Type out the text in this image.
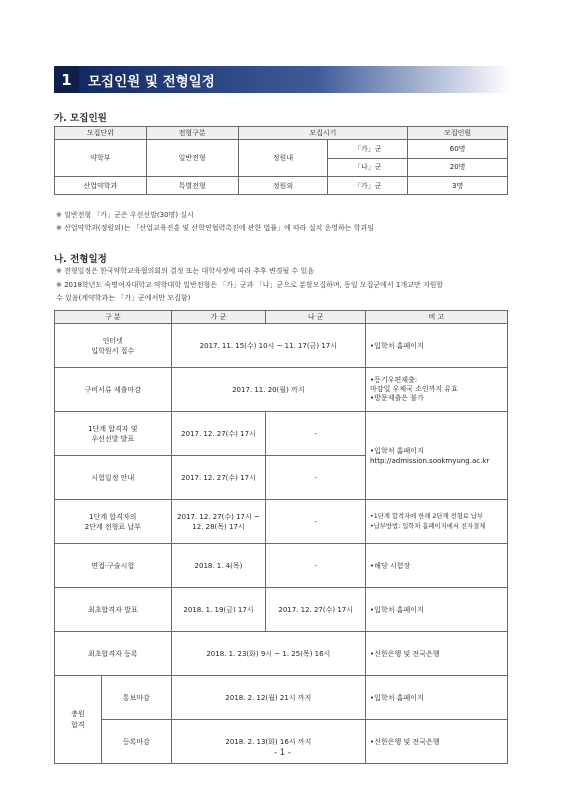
1	모집인원 및 전형일정
가. 모집인원
모집단위	전형구분	모집시기		모집인원
약학부	일반전형	정원내	「가」군	60명
			「나」군	20명
산업약학과	특별전형	정원외	「가」군	3명
※ 일반전형 「가」군은 우선선발(30명) 실시
※ 산업약학과(정원외)는 「산업교육진흥 및 산학연협력촉진에 관한 법률」에 따라 설치 운영하는 학과임
나. 전형일정
※ 전형일정은 한국약학교육협의회의 결정 또는 대학사정에 따라 추후 변경될 수 있음
※ 2018학년도 숙명여자대학교 약학대학 일반전형은 「가」군과 「나」군으로 분할모집하며, 동일 모집군에서 1개교만 지원할
수 있음(계약학과는 「가」군에서만 모집함)
구 분		가 군	나 군	비 고
인터넷
입학원서 접수		2017. 11. 15(수) 10시 ~ 11. 17(금) 17시		•입학처 홈페이지
구비서류 제출마감		2017. 11. 20(월) 까지		•등기우편제출:
마감일 우체국 소인까지 유효
•방문제출은 불가
1단계 합격자 및
우선선발 발표		2017. 12. 27(수) 17시	-	•입학처 홈페이지
http://admission.sookmyung.ac.kr
시험일정 안내		2017. 12. 27(수) 17시	-	
1단계 합격자의
2단계 전형료 납부		2017. 12. 27(수) 17시 ~
12. 28(목) 17시	-	•1단계 합격자에 한해 2단계 전형료 납부
•납부방법: 입학처 홈페이지에서 전자결제
면접·구술시험		2018. 1. 4(목)	-	•해당 시험장
최초합격자 발표		2018. 1. 19(금) 17시	2017. 12. 27(수) 17시	•입학처 홈페이지
최초합격자 등록		2018. 1. 23(화) 9시 ~ 1. 25(목) 16시		•신한은행 및 전국은행
충원
합격	통보마감	2018. 2. 12(월) 21시 까지		•입학처 홈페이지
	등록마감	2018. 2. 13(화) 16시 까지		•신한은행 및 전국은행
- 1 -
